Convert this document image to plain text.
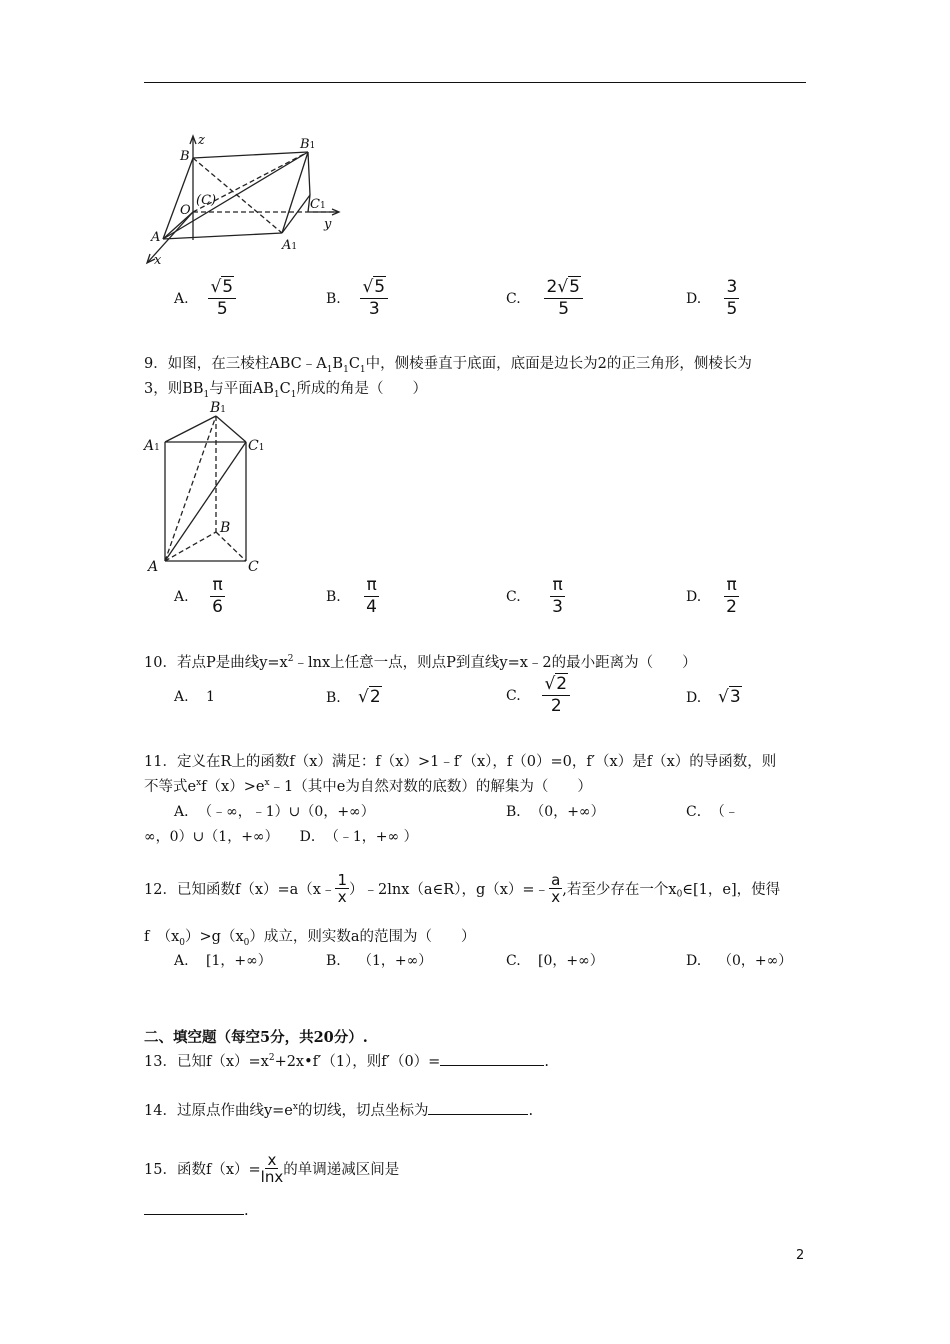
z
B
B1
O
(C)	C1
y
A
A1
x
A. $\frac{√5}{5}$	B. $\frac{√5}{3}$	C. $\frac{2√5}{5}$	D. $\frac{3}{5}$
9．如图，在三棱柱$ABC﹣A_1B_1C_1$中，侧棱垂直于底面，底面是边长为2的正三角形，侧棱长为
3，则$BB_1$与平面$AB_1C_1$所成的角是（　　）
B1
A1	C1
B
A	C
A. $\frac{\pi}{6}$	B. $\frac{\pi}{4}$	C. $\frac{\pi}{3}$	D. $\frac{\pi}{2}$
10．若点P是曲线$y=x^2﹣\ln x$上任意一点，则点P到直线y=x﹣2的最小距离为（　　）
A. 1	B. √2	C. $\frac{√2}{2}$	D. √3
11．定义在R上的函数f（x）满足：f（x）>1﹣f′（x），f（0）=0，f′（x）是f（x）的导函数，则
不等式$e^xf(x)>e^x﹣1$（其中e为自然对数的底数）的解集为（　　）
A．　（﹣∞，﹣1）∪（0，+∞）	B．　（0，+∞）	C．　（﹣
∞，0）∪（1，+∞）　　D．　（﹣1，+∞ ）
12．已知函数f（x）=a（x﹣ $\frac{1}{x}$ ）﹣2lnx（a∈R），g（x）=﹣ $\frac{a}{x}$ ,若至少存在一个$x_0\in[1$，e]，使得
f　$(x_0)>g(x_0)$成立，则实数a的范围为（　　）
A. [1，+∞）	B. （1，+∞）	C. [0，+∞）	D. （0，+∞）
二、填空题（每空5分，共20分）.
13．已知$f(x)=x^2+2x•f'(1)$，则f′（0）=	.
14．过原点作曲线$y=e^x$的切线，切点坐标为	.
15．函数$f(x)= \frac{x}{\ln x}$ 的单调递减区间是
.
2
